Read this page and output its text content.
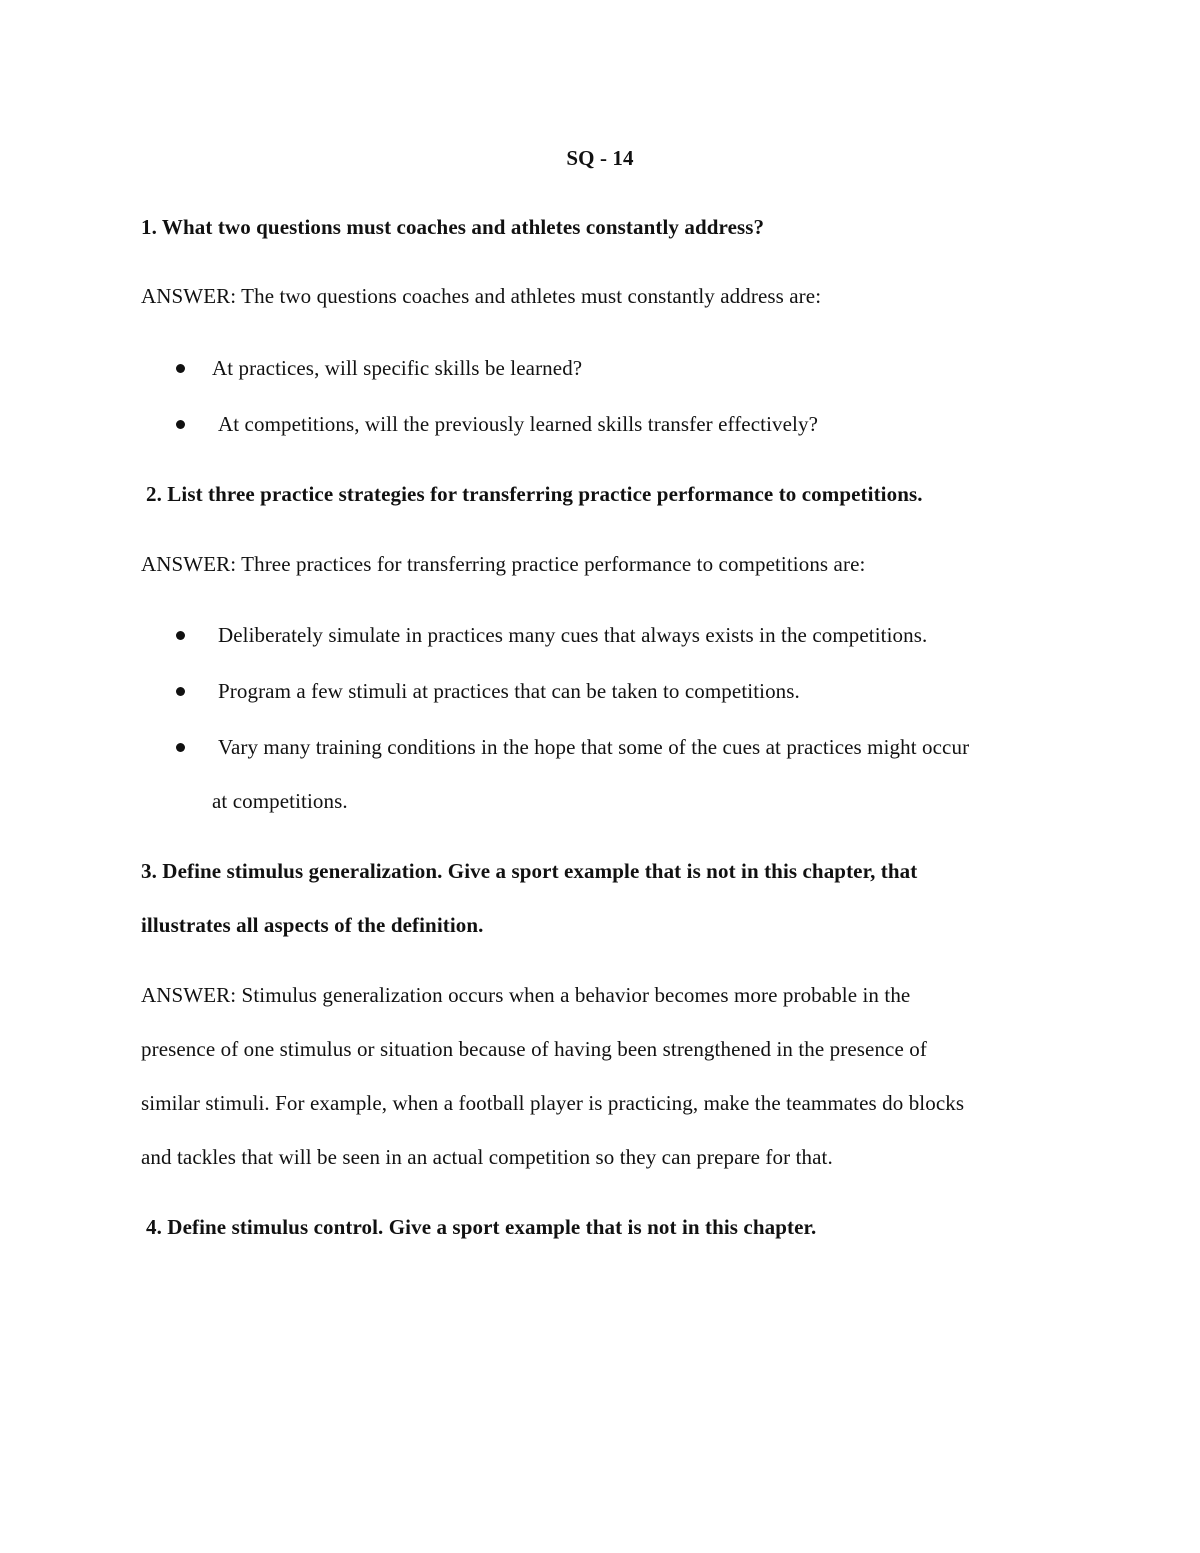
SQ - 14
1. What two questions must coaches and athletes constantly address?
ANSWER: The two questions coaches and athletes must constantly address are:
At practices, will specific skills be learned?
At competitions, will the previously learned skills transfer effectively?
2. List three practice strategies for transferring practice performance to competitions.
ANSWER: Three practices for transferring practice performance to competitions are:
Deliberately simulate in practices many cues that always exists in the competitions.
Program a few stimuli at practices that can be taken to competitions.
Vary many training conditions in the hope that some of the cues at practices might occur
at competitions.
3. Define stimulus generalization. Give a sport example that is not in this chapter, that
illustrates all aspects of the definition.
ANSWER: Stimulus generalization occurs when a behavior becomes more probable in the
presence of one stimulus or situation because of having been strengthened in the presence of
similar stimuli. For example, when a football player is practicing, make the teammates do blocks
and tackles that will be seen in an actual competition so they can prepare for that.
4. Define stimulus control. Give a sport example that is not in this chapter.
